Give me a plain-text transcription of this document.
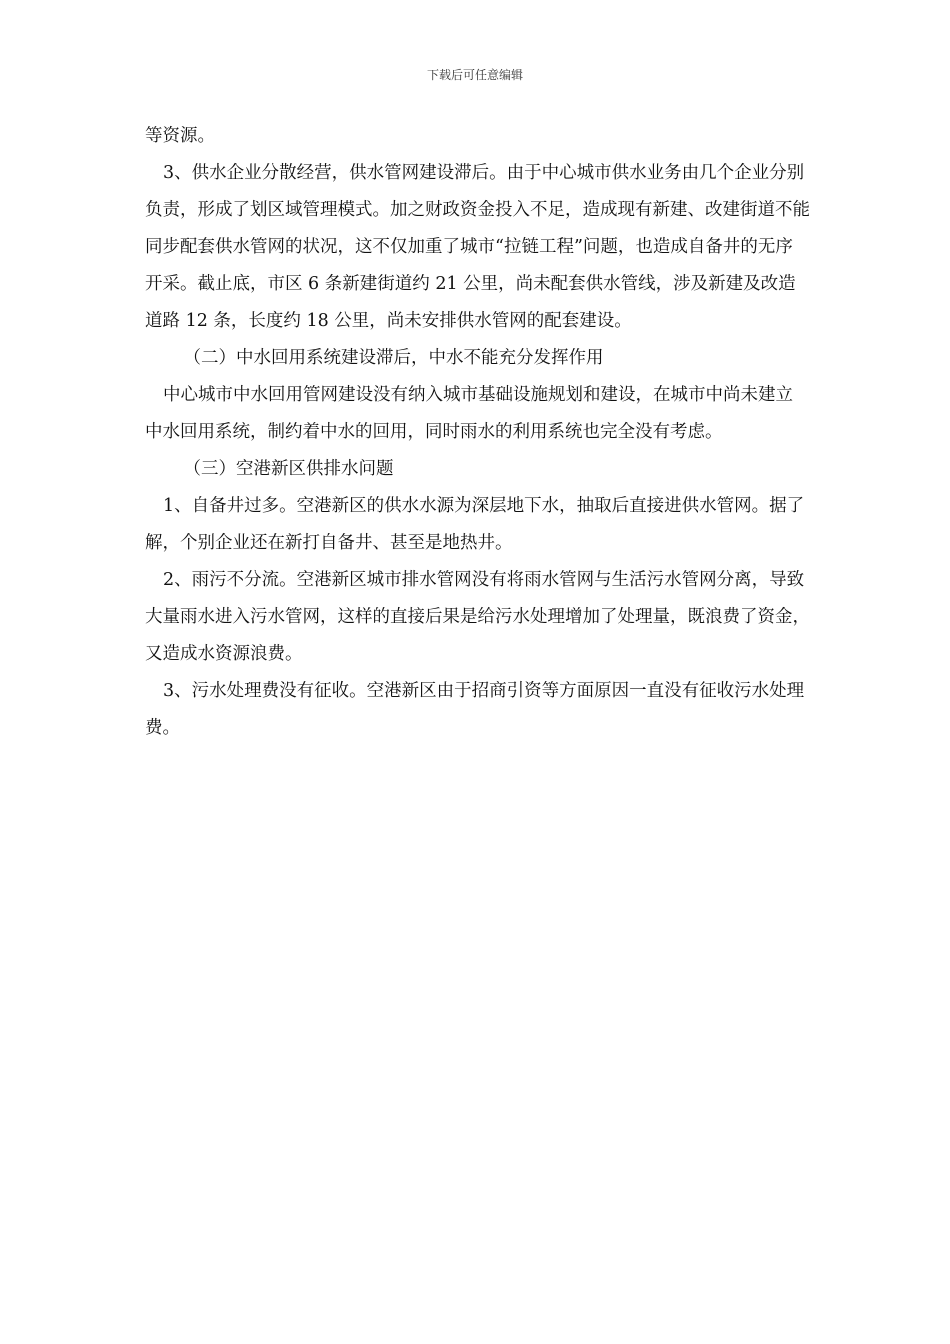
下载后可任意编辑

等资源。

3、供水企业分散经营，供水管网建设滞后。由于中心城市供水业务由几个企业分别负责，形成了划区域管理模式。加之财政资金投入不足，造成现有新建、改建街道不能同步配套供水管网的状况，这不仅加重了城市“拉链工程”问题，也造成自备井的无序开采。截止底，市区 6 条新建街道约 21 公里，尚未配套供水管线，涉及新建及改造道路 12 条，长度约 18 公里，尚未安排供水管网的配套建设。

（二）中水回用系统建设滞后，中水不能充分发挥作用

中心城市中水回用管网建设没有纳入城市基础设施规划和建设，在城市中尚未建立中水回用系统，制约着中水的回用，同时雨水的利用系统也完全没有考虑。

（三）空港新区供排水问题

1、自备井过多。空港新区的供水水源为深层地下水，抽取后直接进供水管网。据了解，个别企业还在新打自备井、甚至是地热井。

2、雨污不分流。空港新区城市排水管网没有将雨水管网与生活污水管网分离，导致大量雨水进入污水管网，这样的直接后果是给污水处理增加了处理量，既浪费了资金，又造成水资源浪费。

3、污水处理费没有征收。空港新区由于招商引资等方面原因一直没有征收污水处理费。
